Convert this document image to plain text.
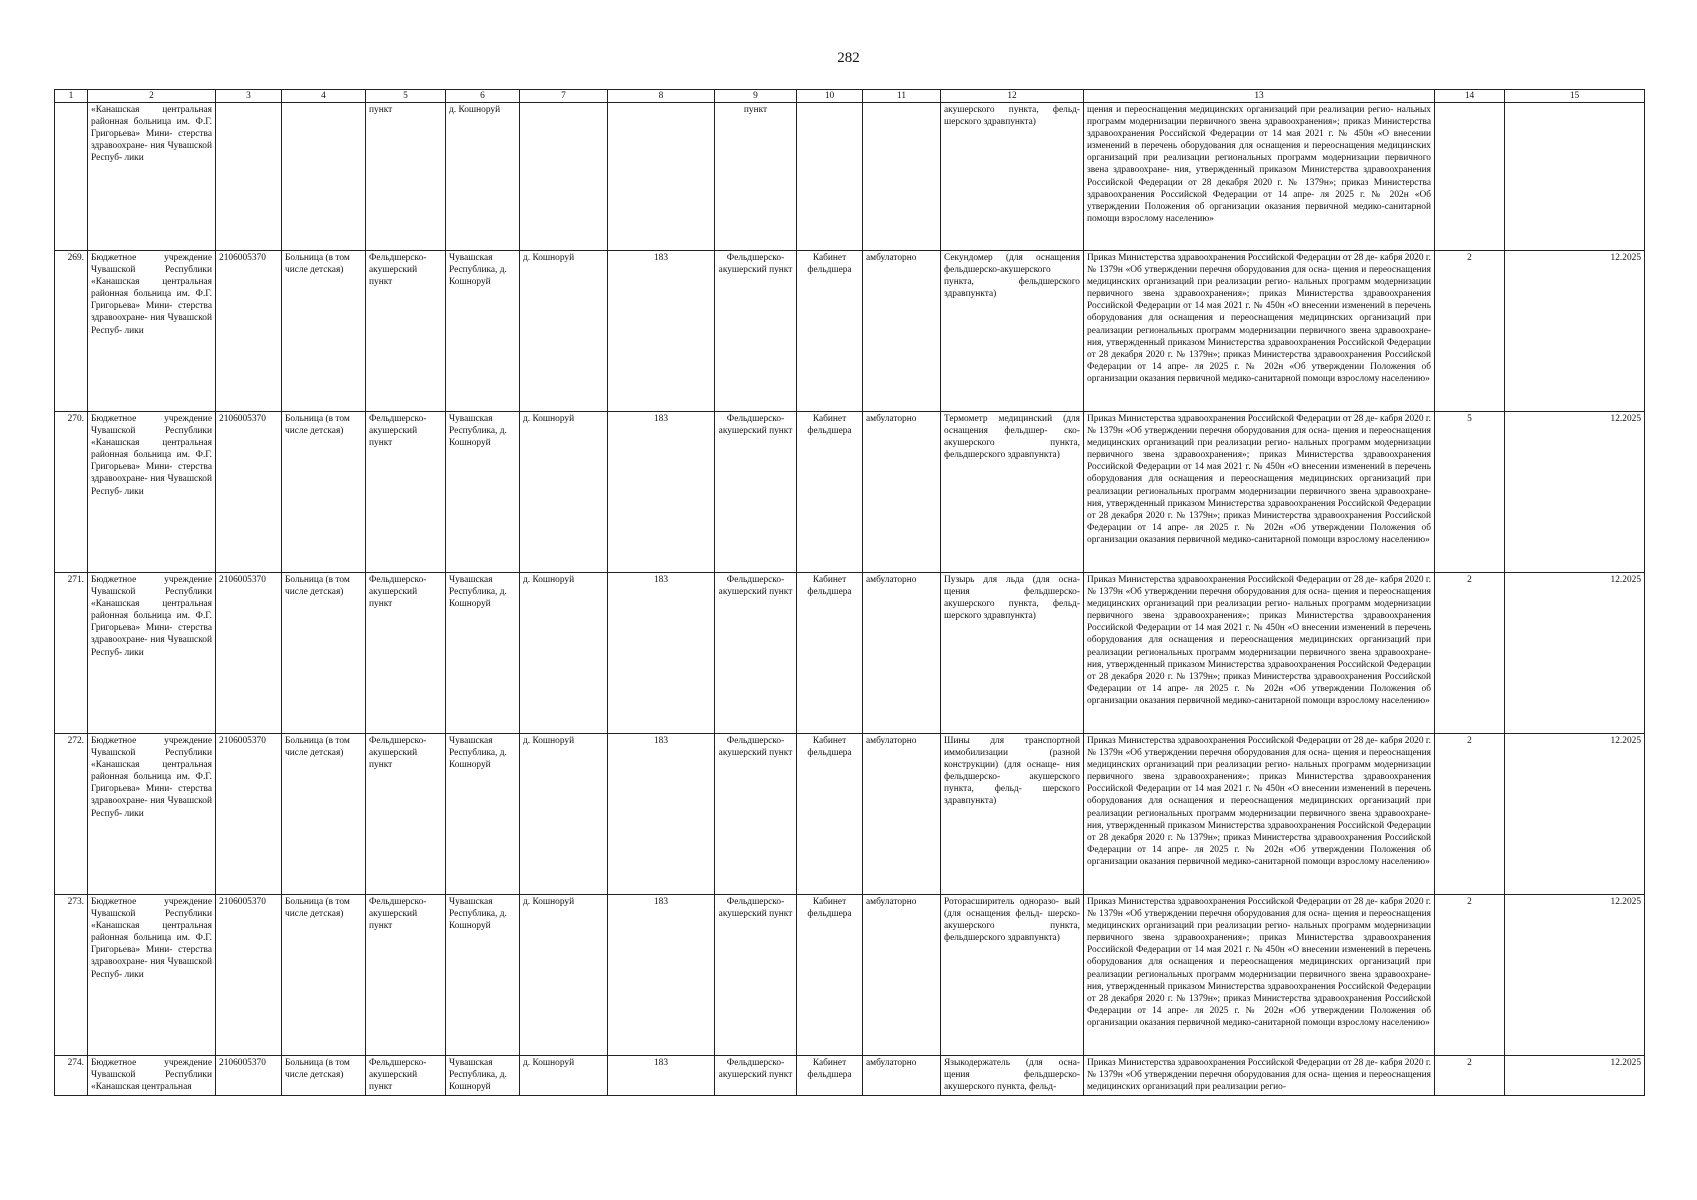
282
1	2	3	4	5	6	7	8	9	10	11	12	13	14	15
	«Канашская центральная районная больница им. Ф.Г. Григорьева» Мини- стерства здравоохране- ния Чувашской Респуб- лики			пункт	д. Кошноруй			пункт			акушерского пункта, фельд- шерского здравпункта)	щения и переоснащения медицинских организаций при реализации регио- нальных программ модернизации первичного звена здравоохранения»; приказ Министерства здравоохранения Российской Федерации от 14 мая 2021 г. № 450н «О внесении изменений в перечень оборудования для оснащения и переоснащения медицинских организаций при реализации региональных программ модернизации первичного звена здравоохране- ния, утвержденный приказом Министерства здравоохранения Российской Федерации от 28 декабря 2020 г. № 1379н»; приказ Министерства здравоохранения Российской Федерации от 14 апре- ля 2025 г. № 202н «Об утверждении Положения об организации оказания первичной медико-санитарной помощи взрослому населению»		
269.	Бюджетное учреждение Чувашской Республики «Канашская центральная районная больница им. Ф.Г. Григорьева» Мини- стерства здравоохране- ния Чувашской Респуб- лики	2106005370	Больница (в том числе детская)	Фельдшерско- акушерский пункт	Чувашская Республика, д. Кошноруй	д. Кошноруй	183	Фельдшерско- акушерский пункт	Кабинет фельдшера	амбулаторно	Секундомер (для оснащения фельдшерско-акушерского пункта, фельдшерского здравпункта)	Приказ Министерства здравоохранения Российской Федерации от 28 де- кабря 2020 г. № 1379н «Об утверждении перечня оборудования для осна- щения и переоснащения медицинских организаций при реализации регио- нальных программ модернизации первичного звена здравоохранения»; приказ Министерства здравоохранения Российской Федерации от 14 мая 2021 г. № 450н «О внесении изменений в перечень оборудования для оснащения и переоснащения медицинских организаций при реализации региональных программ модернизации первичного звена здравоохране- ния, утвержденный приказом Министерства здравоохранения Российской Федерации от 28 декабря 2020 г. № 1379н»; приказ Министерства здравоохранения Российской Федерации от 14 апре- ля 2025 г. № 202н «Об утверждении Положения об организации оказания первичной медико-санитарной помощи взрослому населению»	2	12.2025
270.	Бюджетное учреждение Чувашской Республики «Канашская центральная районная больница им. Ф.Г. Григорьева» Мини- стерства здравоохране- ния Чувашской Респуб- лики	2106005370	Больница (в том числе детская)	Фельдшерско- акушерский пункт	Чувашская Республика, д. Кошноруй	д. Кошноруй	183	Фельдшерско- акушерский пункт	Кабинет фельдшера	амбулаторно	Термометр медицинский (для оснащения фельдшер- ско-акушерского пункта, фельдшерского здравпункта)	Приказ Министерства здравоохранения Российской Федерации от 28 де- кабря 2020 г. № 1379н «Об утверждении перечня оборудования для осна- щения и переоснащения медицинских организаций при реализации регио- нальных программ модернизации первичного звена здравоохранения»; приказ Министерства здравоохранения Российской Федерации от 14 мая 2021 г. № 450н «О внесении изменений в перечень оборудования для оснащения и переоснащения медицинских организаций при реализации региональных программ модернизации первичного звена здравоохране- ния, утвержденный приказом Министерства здравоохранения Российской Федерации от 28 декабря 2020 г. № 1379н»; приказ Министерства здравоохранения Российской Федерации от 14 апре- ля 2025 г. № 202н «Об утверждении Положения об организации оказания первичной медико-санитарной помощи взрослому населению»	5	12.2025
271.	Бюджетное учреждение Чувашской Республики «Канашская центральная районная больница им. Ф.Г. Григорьева» Мини- стерства здравоохране- ния Чувашской Респуб- лики	2106005370	Больница (в том числе детская)	Фельдшерско- акушерский пункт	Чувашская Республика, д. Кошноруй	д. Кошноруй	183	Фельдшерско- акушерский пункт	Кабинет фельдшера	амбулаторно	Пузырь для льда (для осна- щения фельдшерско- акушерского пункта, фельд- шерского здравпункта)	Приказ Министерства здравоохранения Российской Федерации от 28 де- кабря 2020 г. № 1379н «Об утверждении перечня оборудования для осна- щения и переоснащения медицинских организаций при реализации регио- нальных программ модернизации первичного звена здравоохранения»; приказ Министерства здравоохранения Российской Федерации от 14 мая 2021 г. № 450н «О внесении изменений в перечень оборудования для оснащения и переоснащения медицинских организаций при реализации региональных программ модернизации первичного звена здравоохране- ния, утвержденный приказом Министерства здравоохранения Российской Федерации от 28 декабря 2020 г. № 1379н»; приказ Министерства здравоохранения Российской Федерации от 14 апре- ля 2025 г. № 202н «Об утверждении Положения об организации оказания первичной медико-санитарной помощи взрослому населению»	2	12.2025
272.	Бюджетное учреждение Чувашской Республики «Канашская центральная районная больница им. Ф.Г. Григорьева» Мини- стерства здравоохране- ния Чувашской Респуб- лики	2106005370	Больница (в том числе детская)	Фельдшерско- акушерский пункт	Чувашская Республика, д. Кошноруй	д. Кошноруй	183	Фельдшерско- акушерский пункт	Кабинет фельдшера	амбулаторно	Шины для транспортной иммобилизации (разной конструкции) (для оснаще- ния фельдшерско- акушерского пункта, фельд- шерского здравпункта)	Приказ Министерства здравоохранения Российской Федерации от 28 де- кабря 2020 г. № 1379н «Об утверждении перечня оборудования для осна- щения и переоснащения медицинских организаций при реализации регио- нальных программ модернизации первичного звена здравоохранения»; приказ Министерства здравоохранения Российской Федерации от 14 мая 2021 г. № 450н «О внесении изменений в перечень оборудования для оснащения и переоснащения медицинских организаций при реализации региональных программ модернизации первичного звена здравоохране- ния, утвержденный приказом Министерства здравоохранения Российской Федерации от 28 декабря 2020 г. № 1379н»; приказ Министерства здравоохранения Российской Федерации от 14 апре- ля 2025 г. № 202н «Об утверждении Положения об организации оказания первичной медико-санитарной помощи взрослому населению»	2	12.2025
273.	Бюджетное учреждение Чувашской Республики «Канашская центральная районная больница им. Ф.Г. Григорьева» Мини- стерства здравоохране- ния Чувашской Респуб- лики	2106005370	Больница (в том числе детская)	Фельдшерско- акушерский пункт	Чувашская Республика, д. Кошноруй	д. Кошноруй	183	Фельдшерско- акушерский пункт	Кабинет фельдшера	амбулаторно	Роторасширитель одноразо- вый (для оснащения фельд- шерско-акушерского пункта, фельдшерского здравпункта)	Приказ Министерства здравоохранения Российской Федерации от 28 де- кабря 2020 г. № 1379н «Об утверждении перечня оборудования для осна- щения и переоснащения медицинских организаций при реализации регио- нальных программ модернизации первичного звена здравоохранения»; приказ Министерства здравоохранения Российской Федерации от 14 мая 2021 г. № 450н «О внесении изменений в перечень оборудования для оснащения и переоснащения медицинских организаций при реализации региональных программ модернизации первичного звена здравоохране- ния, утвержденный приказом Министерства здравоохранения Российской Федерации от 28 декабря 2020 г. № 1379н»; приказ Министерства здравоохранения Российской Федерации от 14 апре- ля 2025 г. № 202н «Об утверждении Положения об организации оказания первичной медико-санитарной помощи взрослому населению»	2	12.2025
274.	Бюджетное учреждение Чувашской Республики «Канашская центральная	2106005370	Больница (в том числе детская)	Фельдшерско- акушерский пункт	Чувашская Республика, д. Кошноруй	д. Кошноруй	183	Фельдшерско- акушерский пункт	Кабинет фельдшера	амбулаторно	Языкодержатель (для осна- щения фельдшерско- акушерского пункта, фельд-	Приказ Министерства здравоохранения Российской Федерации от 28 де- кабря 2020 г. № 1379н «Об утверждении перечня оборудования для осна- щения и переоснащения медицинских организаций при реализации регио-	2	12.2025
